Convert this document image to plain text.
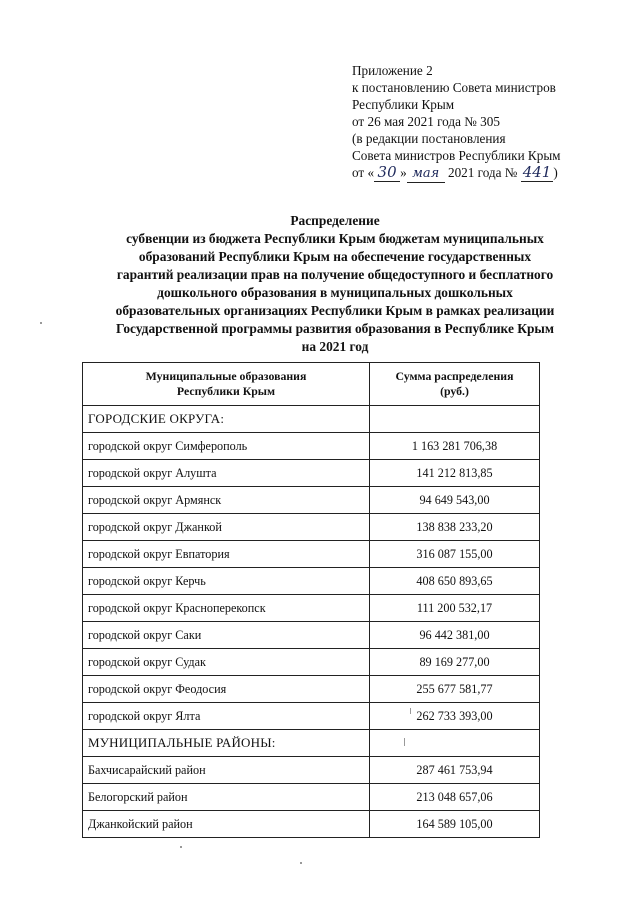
Приложение 2
к постановлению Совета министров
Республики Крым
от 26 мая 2021 года № 305
(в редакции постановления
Совета министров Республики Крым
от « 30 » мая 2021 года № 441 )
Распределение
субвенции из бюджета Республики Крым бюджетам муниципальных
образований Республики Крым на обеспечение государственных
гарантий реализации прав на получение общедоступного и бесплатного
дошкольного образования в муниципальных дошкольных
образовательных организациях Республики Крым в рамках реализации
Государственной программы развития образования в Республике Крым
на 2021 год
Муниципальные образования
Республики Крым	Сумма распределения
(руб.)

ГОРОДСКИЕ ОКРУГА:	
городской округ Симферополь	1 163 281 706,38
городской округ Алушта	141 212 813,85
городской округ Армянск	94 649 543,00
городской округ Джанкой	138 838 233,20
городской округ Евпатория	316 087 155,00
городской округ Керчь	408 650 893,65
городской округ Красноперекопск	111 200 532,17
городской округ Саки	96 442 381,00
городской округ Судак	89 169 277,00
городской округ Феодосия	255 677 581,77
городской округ Ялта	262 733 393,00
МУНИЦИПАЛЬНЫЕ РАЙОНЫ:	
Бахчисарайский район	287 461 753,94
Белогорский район	213 048 657,06
Джанкойский район	164 589 105,00
